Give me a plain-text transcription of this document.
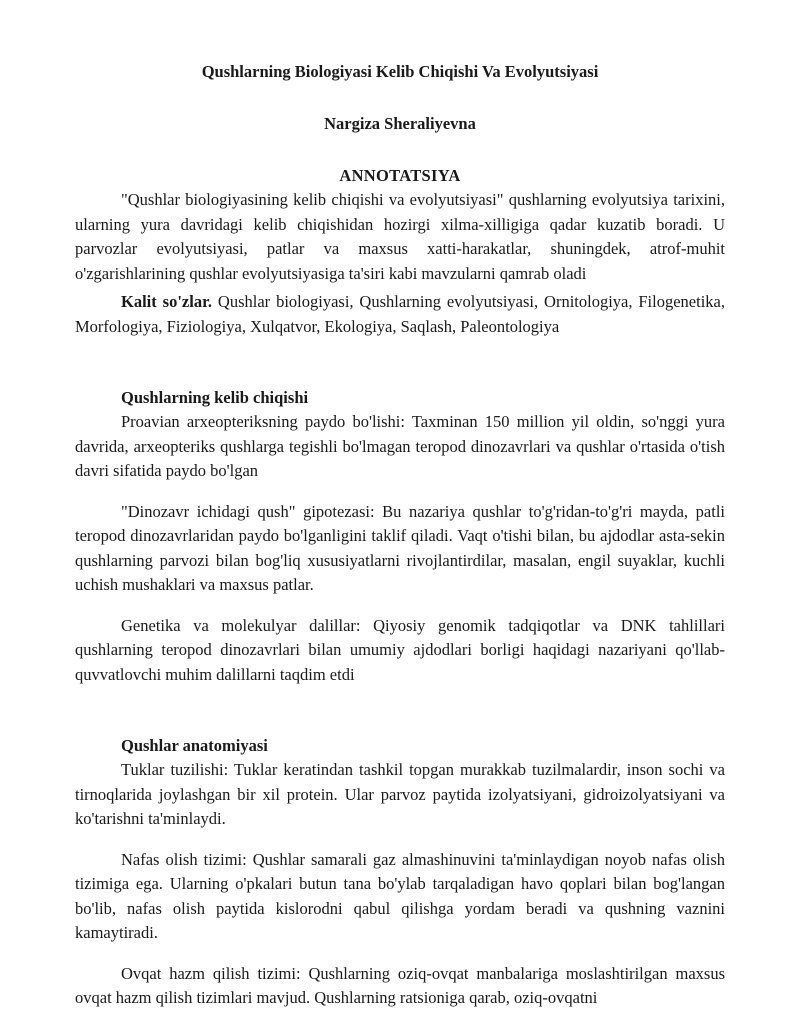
Qushlarning Biologiyasi Kelib Chiqishi Va Evolyutsiyasi

Nargiza Sheraliyevna

ANNOTATSIYA

"Qushlar biologiyasining kelib chiqishi va evolyutsiyasi" qushlarning evolyutsiya tarixini, ularning yura davridagi kelib chiqishidan hozirgi xilma-xilligiga qadar kuzatib boradi. U parvozlar evolyutsiyasi, patlar va maxsus xatti-harakatlar, shuningdek, atrof-muhit o'zgarishlarining qushlar evolyutsiyasiga ta'siri kabi mavzularni qamrab oladi

Kalit so'zlar. Qushlar biologiyasi, Qushlarning evolyutsiyasi, Ornitologiya, Filogenetika, Morfologiya, Fiziologiya, Xulqatvor, Ekologiya, Saqlash, Paleontologiya

Qushlarning kelib chiqishi

Proavian arxeopteriksning paydo bo'lishi: Taxminan 150 million yil oldin, so'nggi yura davrida, arxeopteriks qushlarga tegishli bo'lmagan teropod dinozavrlari va qushlar o'rtasida o'tish davri sifatida paydo bo'lgan

"Dinozavr ichidagi qush" gipotezasi: Bu nazariya qushlar to'g'ridan-to'g'ri mayda, patli teropod dinozavrlaridan paydo bo'lganligini taklif qiladi. Vaqt o'tishi bilan, bu ajdodlar asta-sekin qushlarning parvozi bilan bog'liq xususiyatlarni rivojlantirdilar, masalan, engil suyaklar, kuchli uchish mushaklari va maxsus patlar.

Genetika va molekulyar dalillar: Qiyosiy genomik tadqiqotlar va DNK tahlillari qushlarning teropod dinozavrlari bilan umumiy ajdodlari borligi haqidagi nazariyani qo'llab-quvvatlovchi muhim dalillarni taqdim etdi

Qushlar anatomiyasi

Tuklar tuzilishi: Tuklar keratindan tashkil topgan murakkab tuzilmalardir, inson sochi va tirnoqlarida joylashgan bir xil protein. Ular parvoz paytida izolyatsiyani, gidroizolyatsiyani va ko'tarishni ta'minlaydi.

Nafas olish tizimi: Qushlar samarali gaz almashinuvini ta'minlaydigan noyob nafas olish tizimiga ega. Ularning o'pkalari butun tana bo'ylab tarqaladigan havo qoplari bilan bog'langan bo'lib, nafas olish paytida kislorodni qabul qilishga yordam beradi va qushning vaznini kamaytiradi.

Ovqat hazm qilish tizimi: Qushlarning oziq-ovqat manbalariga moslashtirilgan maxsus ovqat hazm qilish tizimlari mavjud. Qushlarning ratsioniga qarab, oziq-ovqatni
